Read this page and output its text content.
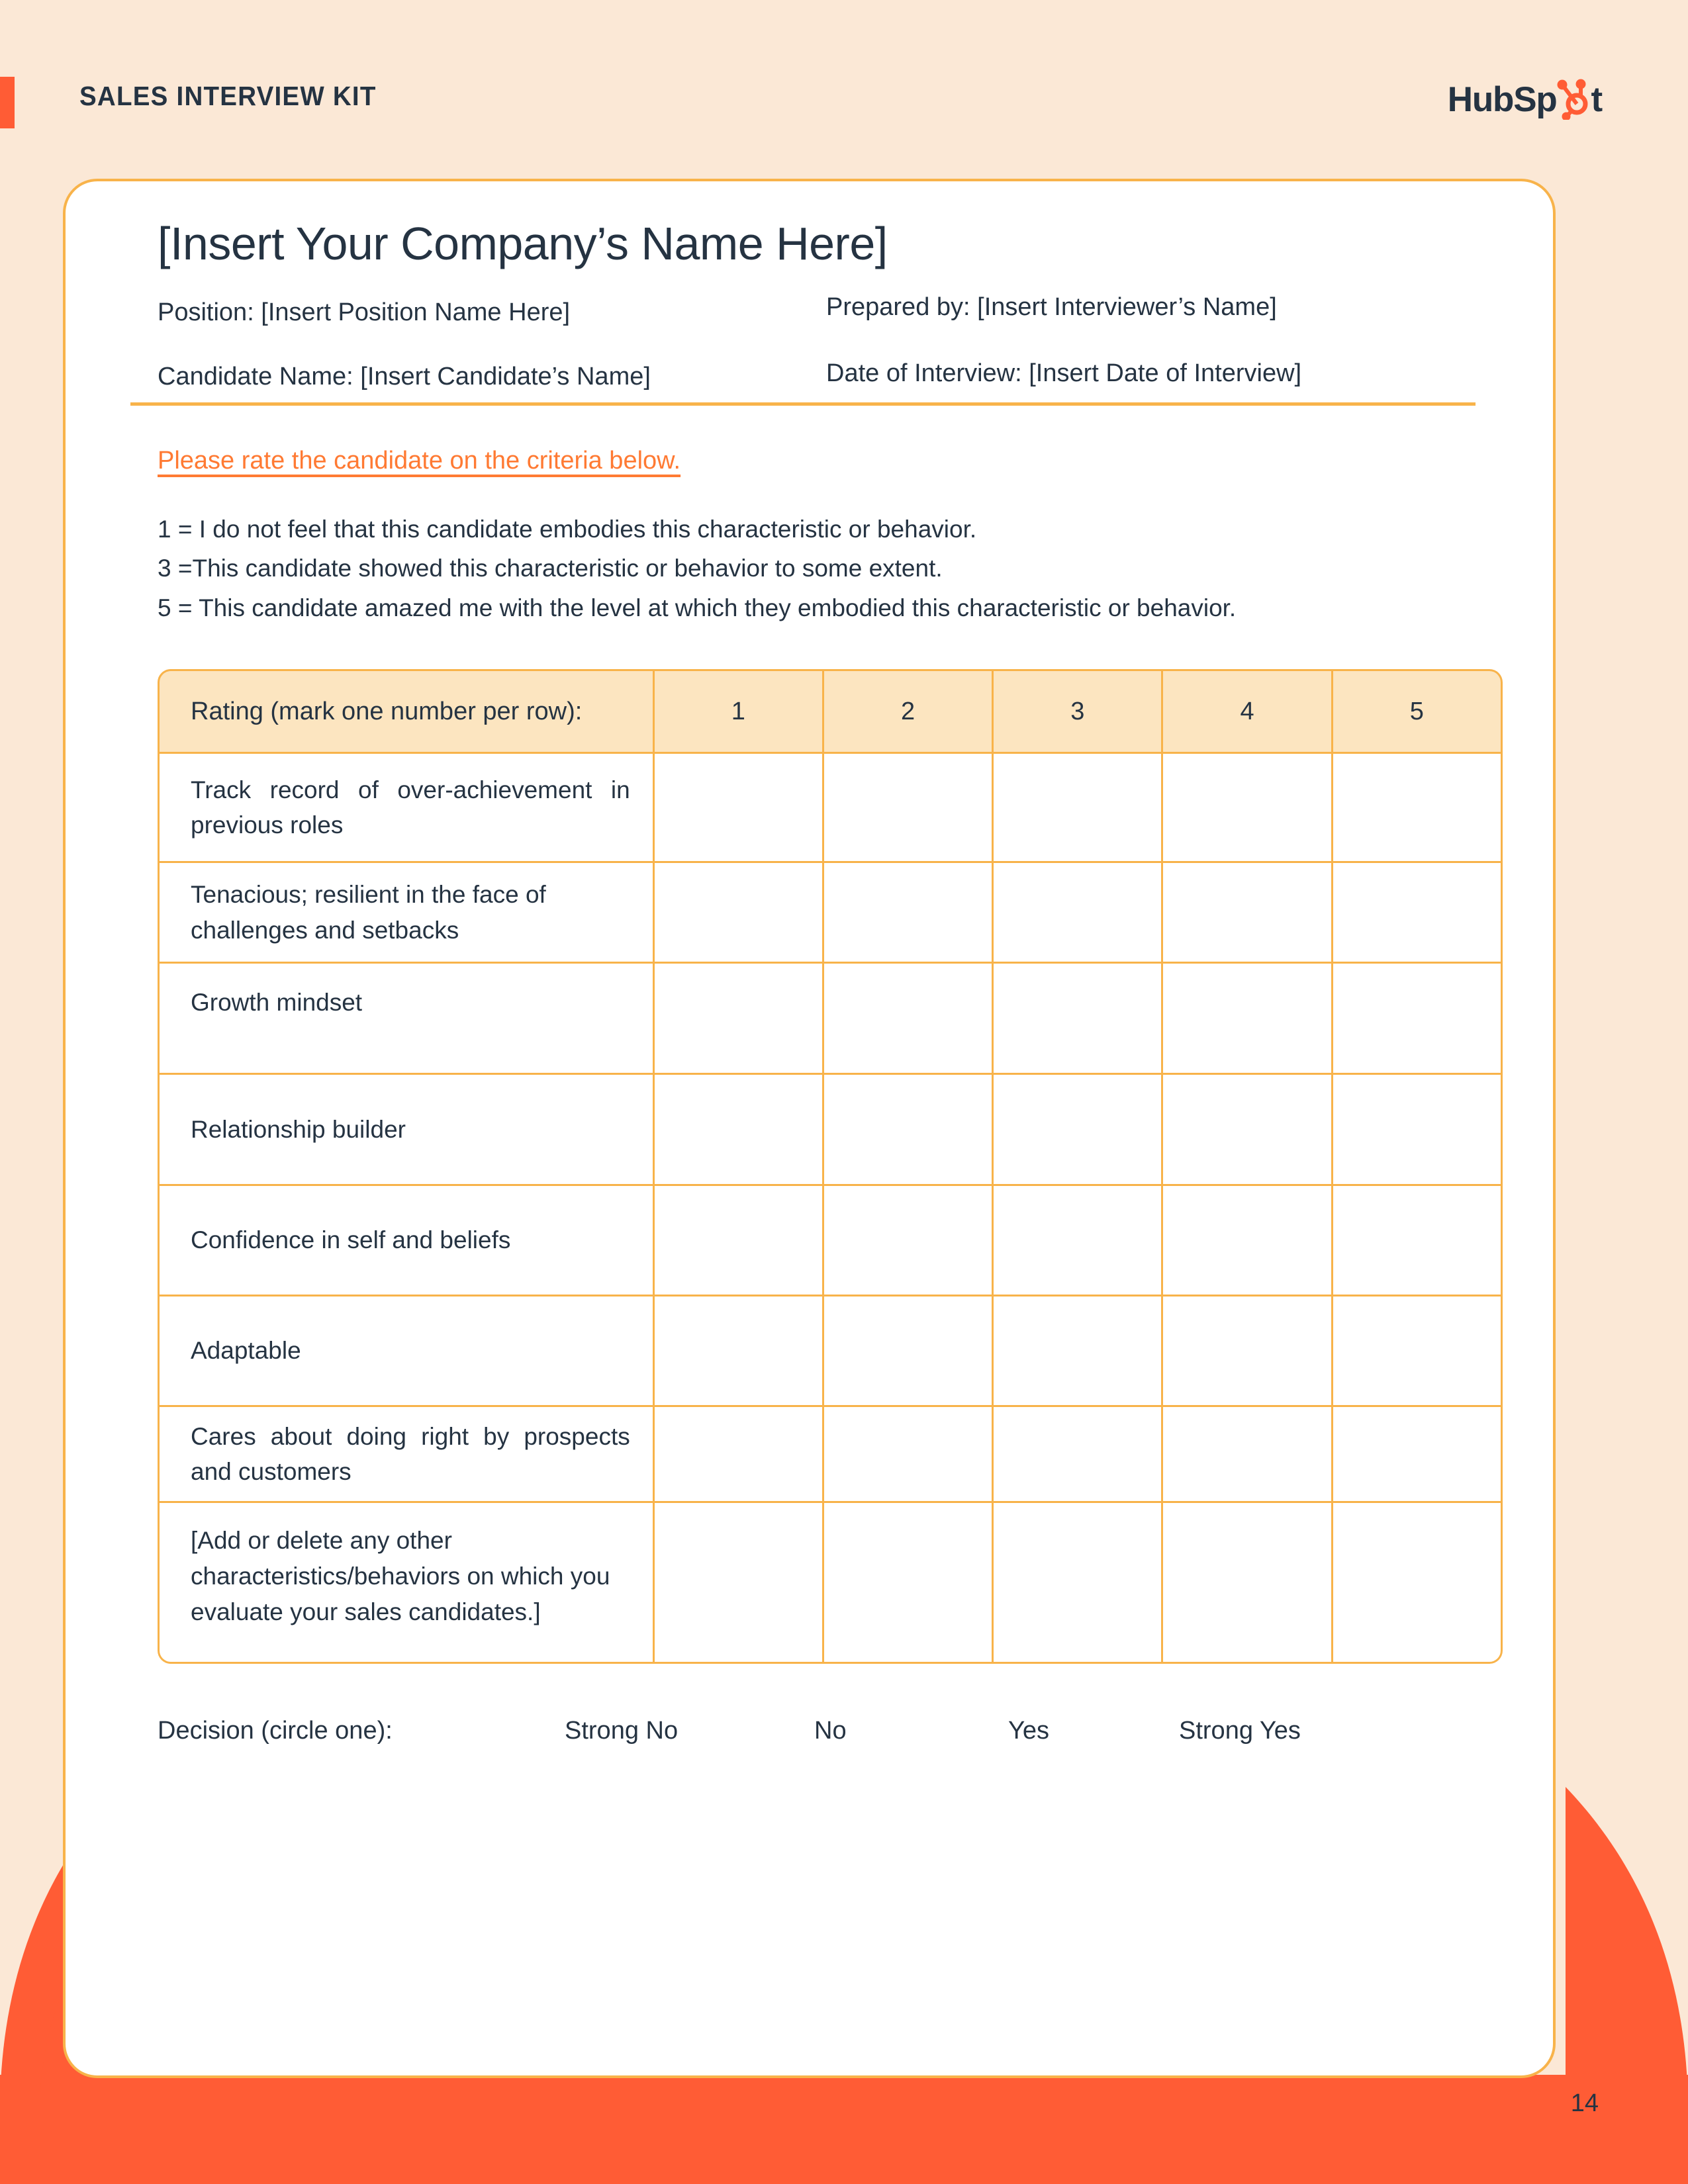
SALES INTERVIEW KIT	HubSp t
[Insert Your Company’s Name Here]
Position: [Insert Position Name Here]	Prepared by: [Insert Interviewer’s Name]
Candidate Name: [Insert Candidate’s Name]	Date of Interview: [Insert Date of Interview]
Please rate the candidate on the criteria below.
1 = I do not feel that this candidate embodies this characteristic or behavior.
3 =This candidate showed this characteristic or behavior to some extent.
5 = This candidate amazed me with the level at which they embodied this characteristic or behavior.
Rating (mark one number per row):	1	2	3	4	5
Track record of over-achievement in previous roles					
Tenacious; resilient in the face of challenges and setbacks					
Growth mindset					
Relationship builder					
Confidence in self and beliefs					
Adaptable					
Cares about doing right by prospects and customers					
[Add or delete any other characteristics/behaviors on which you evaluate your sales candidates.]					
Decision (circle one):	Strong No	No	Yes	Strong Yes
14
